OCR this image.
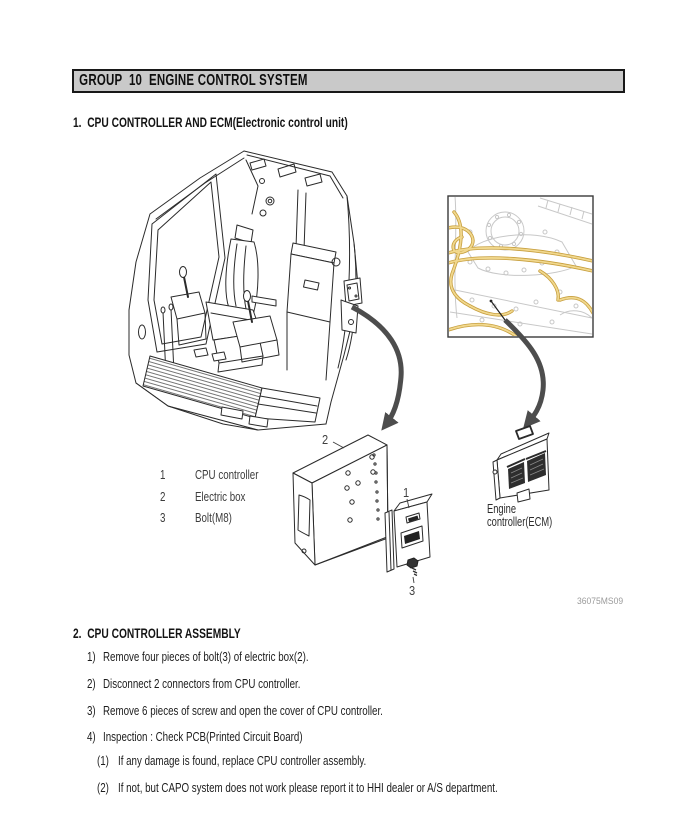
GROUP  10  ENGINE CONTROL SYSTEM
1.  CPU CONTROLLER AND ECM(Electronic control unit)
2
1
3
1 CPU controller
2 Electric box
3 Bolt(M8)
Engine
controller(ECM)
36075MS09
2.  CPU CONTROLLER ASSEMBLY
1) Remove four pieces of bolt(3) of electric box(2).
2) Disconnect 2 connectors from CPU controller.
3) Remove 6 pieces of screw and open the cover of CPU controller.
4) Inspection : Check PCB(Printed Circuit Board)
(1) If any damage is found, replace CPU controller assembly.
(2) If not, but CAPO system does not work please report it to HHI dealer or A/S department.
